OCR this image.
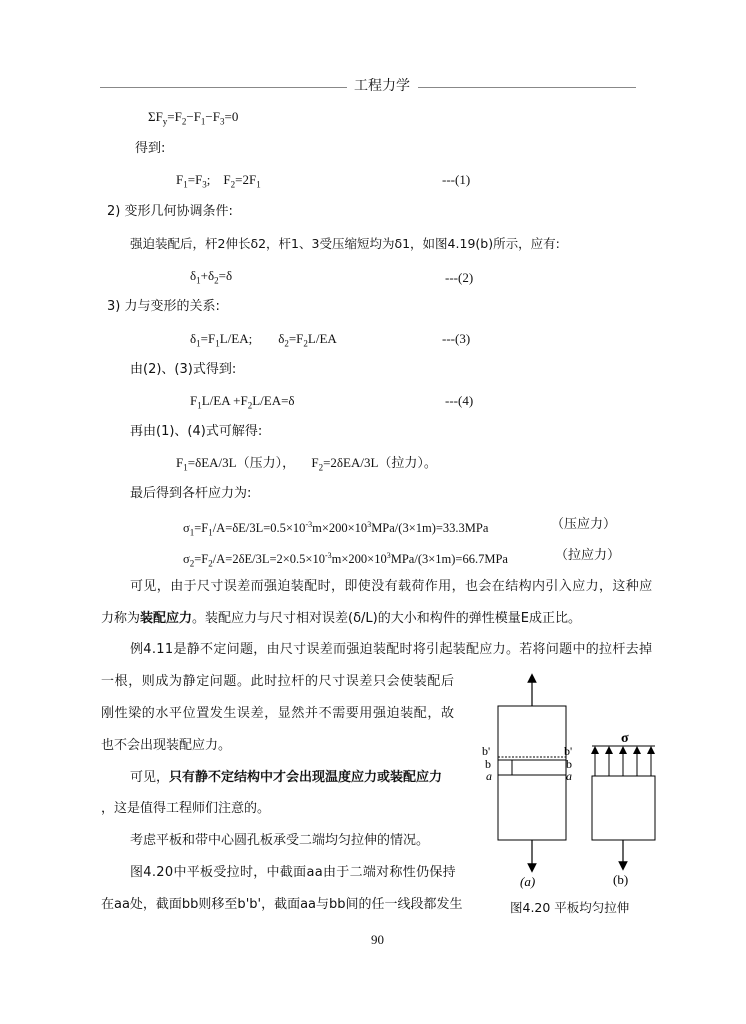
工程力学
$\Sigma F_y=F_2-F_1-F_3=0$
得到:
$F_1=F_3$;    $F_2=2F_1$	---(1)
2) 变形几何协调条件:
强迫装配后，杆2伸长δ2，杆1、3受压缩短均为δ1，如图4.19(b)所示，应有:
$\delta_1+\delta_2=\delta$	---(2)
3) 力与变形的关系:
$\delta_1=F_1L/EA$;        $\delta_2=F_2L/EA$	---(3)
由(2)、(3)式得到:
$F_1L/EA +F_2L/EA=\delta$	---(4)
再由(1)、(4)式可解得:
$F_1=\delta EA/3L$（压力），     $F_2=2\delta EA/3L$（拉力）。
最后得到各杆应力为:
$\sigma_1=F_1/A=\delta E/3L=0.5\times 10^{-3}m\times 200\times 10^3MPa/(3\times 1m)=33.3MPa$	（压应力）
$\sigma_2=F_2/A=2\delta E/3L=2\times 0.5\times 10^{-3}m\times 200\times 10^3MPa/(3\times 1m)=66.7MPa$	（拉应力）
可见，由于尺寸误差而强迫装配时，即使没有载荷作用，也会在结构内引入应力，这种应
力称为装配应力。装配应力与尺寸相对误差(δ/L)的大小和构件的弹性模量E成正比。
例4.11是静不定问题，由尺寸误差而强迫装配时将引起装配应力。若将问题中的拉杆去掉
一根，则成为静定问题。此时拉杆的尺寸误差只会使装配后
刚性梁的水平位置发生误差，显然并不需要用强迫装配，故
也不会出现装配应力。
可见，只有静不定结构中才会出现温度应力或装配应力
，这是值得工程师们注意的。
考虑平板和带中心圆孔板承受二端均匀拉伸的情况。
图4.20中平板受拉时，中截面aa由于二端对称性仍保持
在aa处，截面bb则移至b'b'，截面aa与bb间的任一线段都发生
b'
b
a
b'
b
a
σ
(a)	(b)
图4.20 平板均匀拉伸
90
